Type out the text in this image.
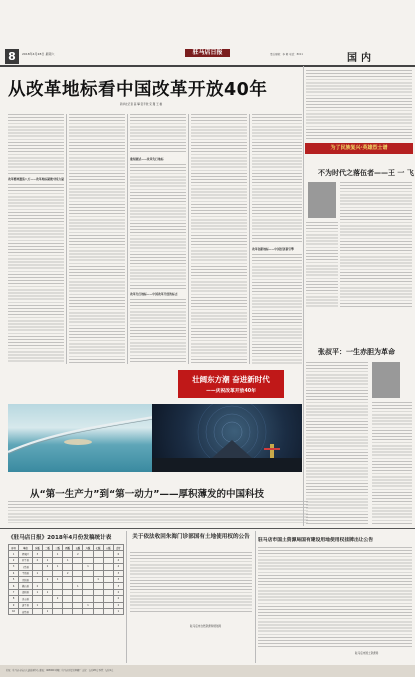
8	2018年4月28日 星期六	驻马店日报	责任编辑：李 朝 电话：8011	国内
从改革地标看中国改革开放40年
新华社记者 高 攀 张辛欣 宋 瑾 王 楷
改革精神激荡八方——改革地标凝聚中国力量
敢闯敢试——改革先行地标
改革先行地标——中国改革开放的标志
改革创新地标——中国经济新引擎
壮阔东方潮 奋进新时代
——庆祝改革开放40年
从“第一生产力”到“第一动力”——厚积薄发的中国科技
为了民族复兴·英雄烈士谱
不为时代之落伍者——王 一 飞
张叔平：一生赤胆为革命
《驻马店日报》2018年4月份发稿统计表
序号	单位	头版	二版	三版	四版	五版	六版	七版	八版	合计
1	驿城区	3		1		2				6
2	西平县	2	1		1					4
3	上蔡县		2	1			1			4
4	平舆县	1			2					3
5	正阳县		1	1				1		3
6	确山县	2				1				3
7	泌阳县	1	1							2
8	汝南县			2						2
9	遂平县	1					1			2
10	新蔡县		1							1
关于依法收回朱海门诊部国有土地使用权的公告
驻马店市自然资源和规划局
驻马店市国土资源局国有建设用地使用权挂牌出让公告
驻马店市国土资源局
社址：驻马店市乐山大道新闻中心 邮编：463000 印刷：驻马店日报社印刷厂 定价：每月28元 零售：每份1元
